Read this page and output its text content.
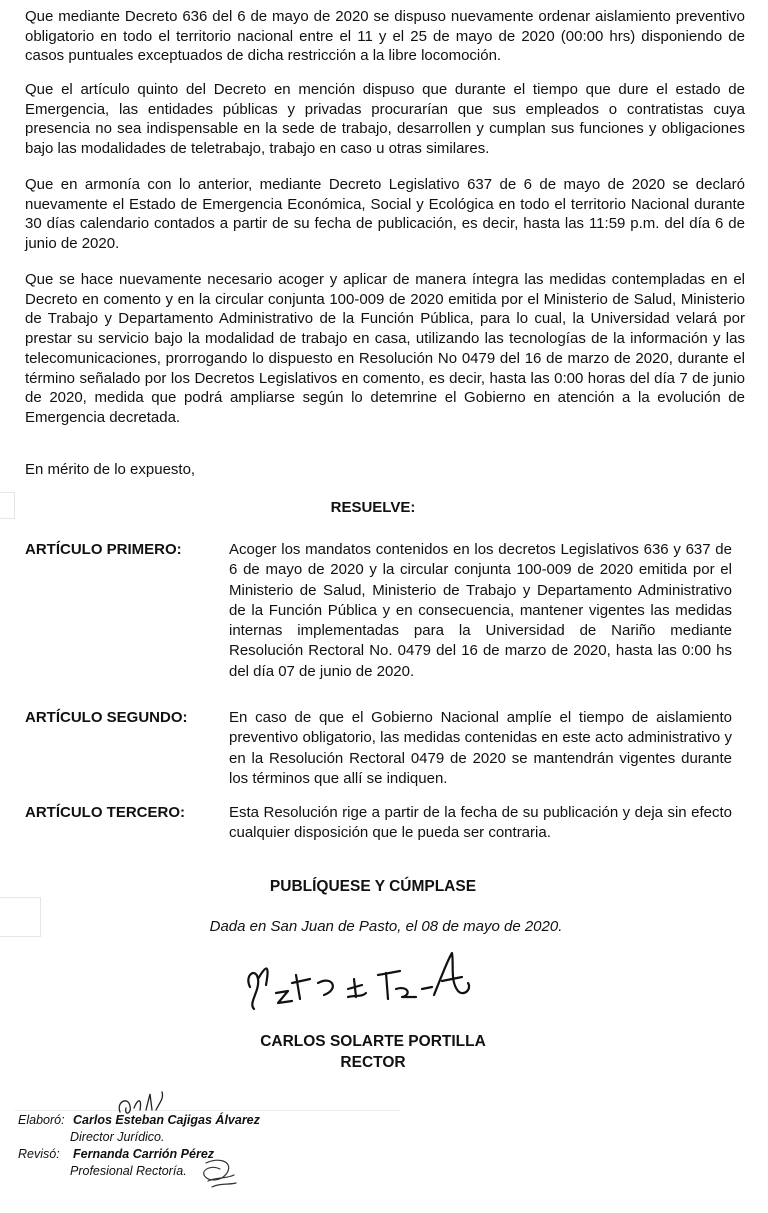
Que mediante Decreto 636 del 6 de mayo de 2020 se dispuso nuevamente ordenar aislamiento preventivo obligatorio en todo el territorio nacional entre el 11 y el 25 de mayo de 2020 (00:00 hrs) disponiendo de casos puntuales exceptuados de dicha restricción a la libre locomoción.

Que el artículo quinto del Decreto en mención dispuso que durante el tiempo que dure el estado de Emergencia, las entidades públicas y privadas procurarían que sus empleados o contratistas cuya presencia no sea indispensable en la sede de trabajo, desarrollen y cumplan sus funciones y obligaciones bajo las modalidades de teletrabajo, trabajo en caso u otras similares.

Que en armonía con lo anterior, mediante Decreto Legislativo 637 de 6 de mayo de 2020 se declaró nuevamente el Estado de Emergencia Económica, Social y Ecológica en todo el territorio Nacional durante 30 días calendario contados a partir de su fecha de publicación, es decir, hasta las 11:59 p.m. del día 6 de junio de 2020.

Que se hace nuevamente necesario acoger y aplicar de manera íntegra las medidas contempladas en el Decreto en comento y en la circular conjunta 100-009 de 2020 emitida por el Ministerio de Salud, Ministerio de Trabajo y Departamento Administrativo de la Función Pública, para lo cual, la Universidad velará por prestar su servicio bajo la modalidad de trabajo en casa, utilizando las tecnologías de la información y las telecomunicaciones, prorrogando lo dispuesto en Resolución No 0479 del 16 de marzo de 2020, durante el término señalado por los Decretos Legislativos en comento, es decir, hasta las 0:00 horas del día 7 de junio de 2020, medida que podrá ampliarse según lo detemrine el Gobierno en atención a la evolución de Emergencia decretada.

En mérito de lo expuesto,

RESUELVE:
ARTÍCULO PRIMERO:	Acoger los mandatos contenidos en los decretos Legislativos 636 y 637 de 6 de mayo de 2020 y la circular conjunta 100-009 de 2020 emitida por el Ministerio de Salud, Ministerio de Trabajo y Departamento Administrativo de la Función Pública y en consecuencia, mantener vigentes las medidas internas implementadas para la Universidad de Nariño mediante Resolución Rectoral No. 0479 del 16 de marzo de 2020, hasta las 0:00 hs del día 07 de junio de 2020.

ARTÍCULO SEGUNDO:	En caso de que el Gobierno Nacional amplíe el tiempo de aislamiento preventivo obligatorio, las medidas contenidas en este acto administrativo y en la Resolución Rectoral 0479 de 2020 se mantendrán vigentes durante los términos que allí se indiquen.

ARTÍCULO TERCERO:	Esta Resolución rige a partir de la fecha de su publicación y deja sin efecto cualquier disposición que le pueda ser contraria.

PUBLÍQUESE Y CÚMPLASE
Dada en San Juan de Pasto, el 08 de mayo de 2020.
CARLOS SOLARTE PORTILLA
RECTOR
Elaboró: Carlos Esteban Cajigas Álvarez
Director Jurídico.
Revisó: Fernanda Carrión Pérez
Profesional Rectoría.
